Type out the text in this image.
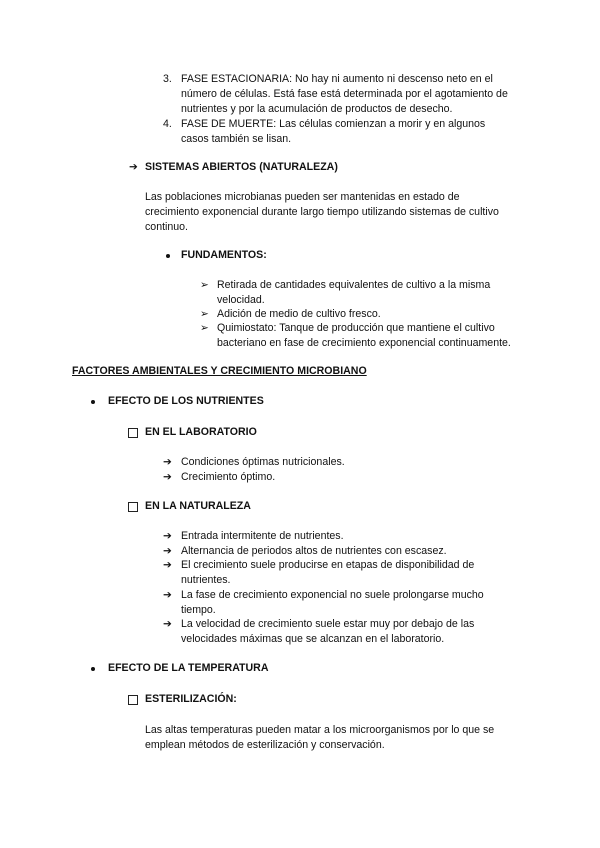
3. FASE ESTACIONARIA: No hay ni aumento ni descenso neto en el
número de células. Está fase está determinada por el agotamiento de
nutrientes y por la acumulación de productos de desecho.
4. FASE DE MUERTE: Las células comienzan a morir y en algunos
casos también se lisan.
➔ SISTEMAS ABIERTOS (NATURALEZA)
Las poblaciones microbianas pueden ser mantenidas en estado de
crecimiento exponencial durante largo tiempo utilizando sistemas de cultivo
continuo.
FUNDAMENTOS:
➢ Retirada de cantidades equivalentes de cultivo a la misma
velocidad.
➢ Adición de medio de cultivo fresco.
➢ Quimiostato: Tanque de producción que mantiene el cultivo
bacteriano en fase de crecimiento exponencial continuamente.
FACTORES AMBIENTALES Y CRECIMIENTO MICROBIANO
EFECTO DE LOS NUTRIENTES
EN EL LABORATORIO
➔ Condiciones óptimas nutricionales.
➔ Crecimiento óptimo.
EN LA NATURALEZA
➔ Entrada intermitente de nutrientes.
➔ Alternancia de periodos altos de nutrientes con escasez.
➔ El crecimiento suele producirse en etapas de disponibilidad de
nutrientes.
➔ La fase de crecimiento exponencial no suele prolongarse mucho
tiempo.
➔ La velocidad de crecimiento suele estar muy por debajo de las
velocidades máximas que se alcanzan en el laboratorio.
EFECTO DE LA TEMPERATURA
ESTERILIZACIÓN:
Las altas temperaturas pueden matar a los microorganismos por lo que se
emplean métodos de esterilización y conservación.
